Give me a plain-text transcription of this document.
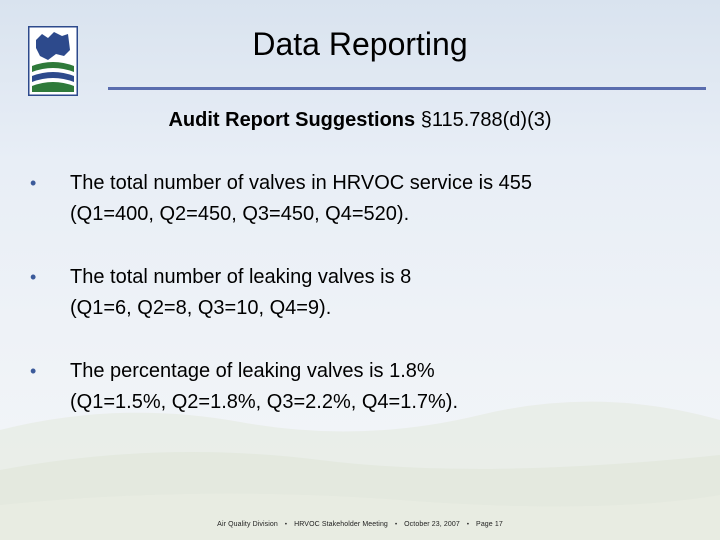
Data Reporting
Audit Report Suggestions §115.788(d)(3)
•	The total number of valves in HRVOC service is 455
(Q1=400, Q2=450, Q3=450, Q4=520).
•	The total number of leaking valves is 8
(Q1=6, Q2=8, Q3=10, Q4=9).
•	The percentage of leaking valves is 1.8%
(Q1=1.5%, Q2=1.8%, Q3=2.2%, Q4=1.7%).
Air Quality Division • HRVOC Stakeholder Meeting • October 23, 2007 • Page 17
